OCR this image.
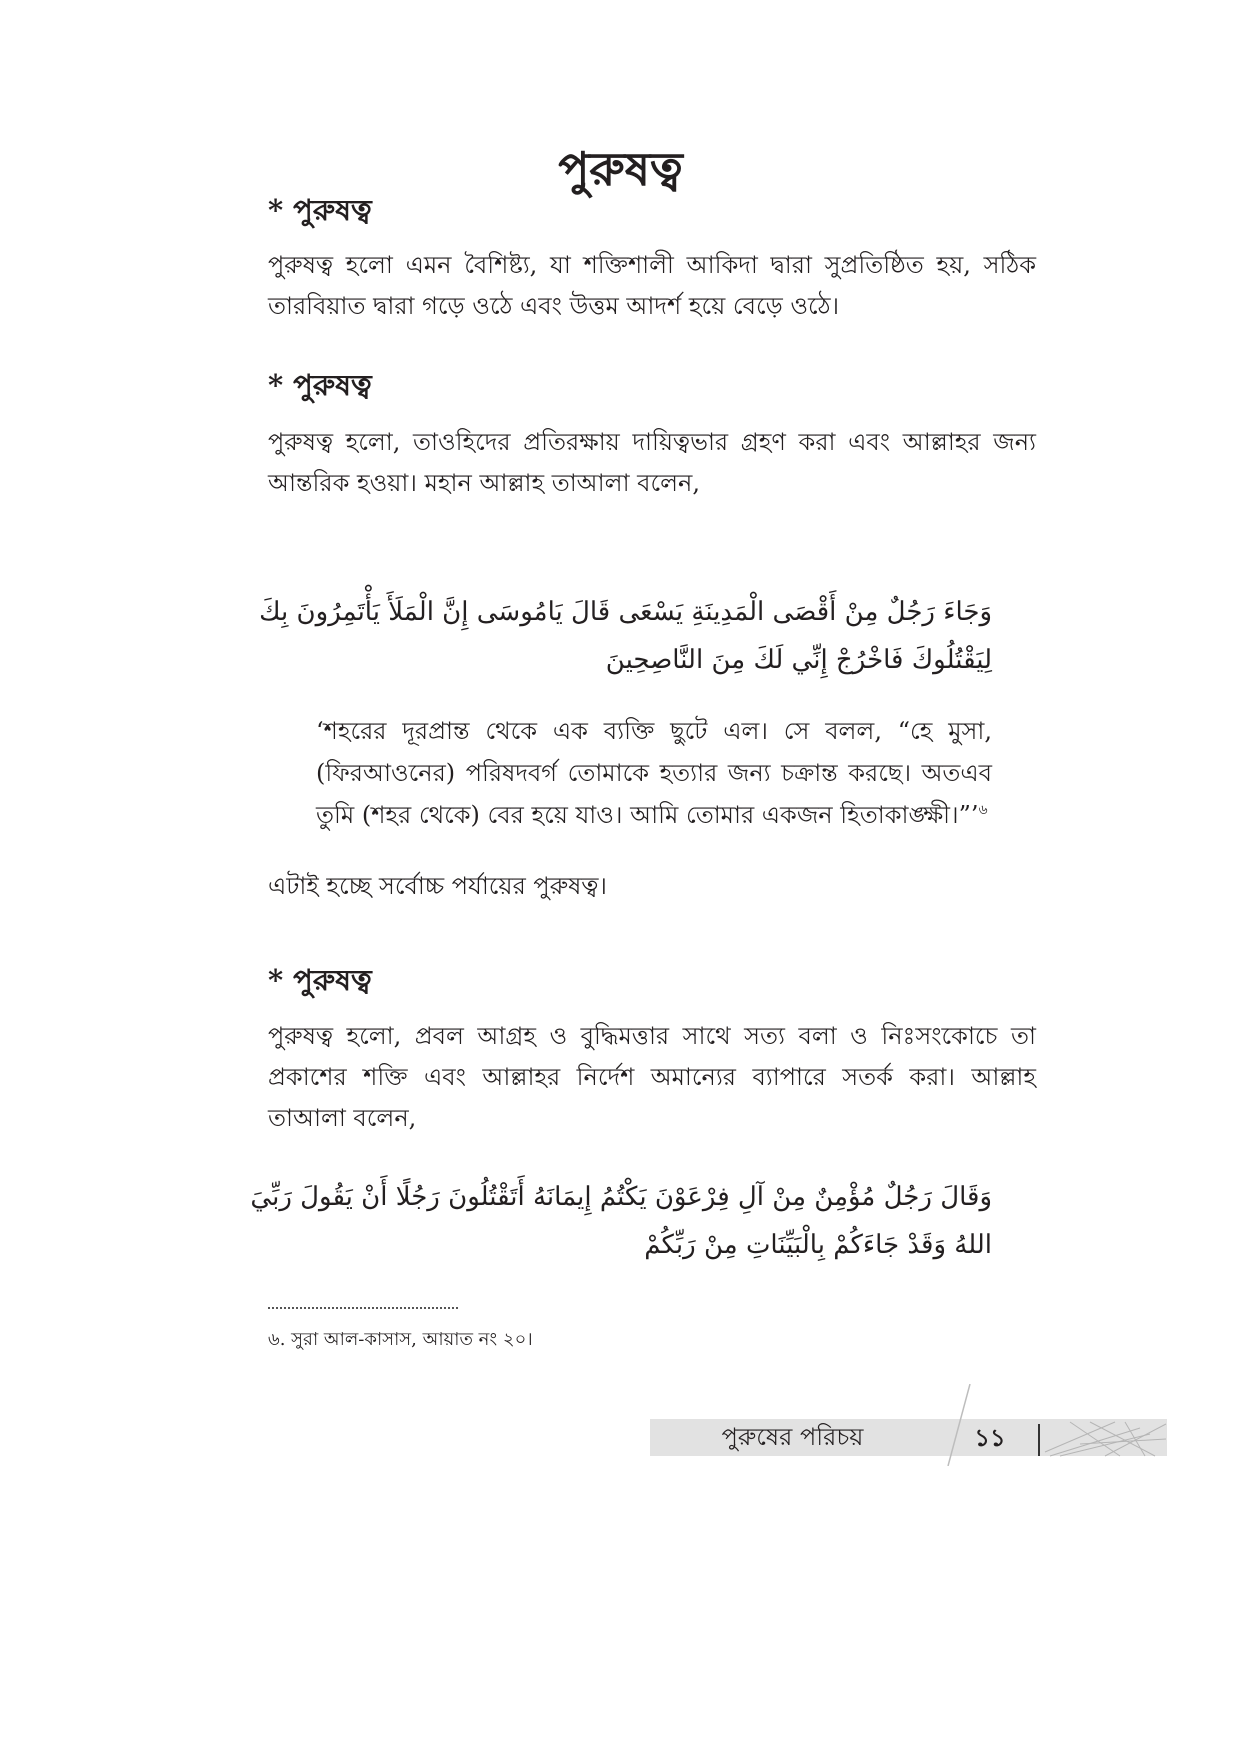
পুরুষত্ব
* পুরুষত্ব

পুরুষত্ব হলো এমন বৈশিষ্ট্য, যা শক্তিশালী আকিদা দ্বারা সুপ্রতিষ্ঠিত হয়, সঠিক তারবিয়াত দ্বারা গড়ে ওঠে এবং উত্তম আদর্শ হয়ে বেড়ে ওঠে।

* পুরুষত্ব

পুরুষত্ব হলো, তাওহিদের প্রতিরক্ষায় দায়িত্বভার গ্রহণ করা এবং আল্লাহর জন্য আন্তরিক হওয়া। মহান আল্লাহ তাআলা বলেন,

وَجَاءَ رَجُلٌ مِنْ أَقْصَى الْمَدِينَةِ يَسْعَى قَالَ يَامُوسَى إِنَّ الْمَلَأَ يَأْتَمِرُونَ بِكَ
لِيَقْتُلُوكَ فَاخْرُجْ إِنِّي لَكَ مِنَ النَّاصِحِينَ

‘শহরের দূরপ্রান্ত থেকে এক ব্যক্তি ছুটে এল। সে বলল, “হে মুসা, (ফিরআওনের) পরিষদবর্গ তোমাকে হত্যার জন্য চক্রান্ত করছে। অতএব তুমি (শহর থেকে) বের হয়ে যাও। আমি তোমার একজন হিতাকাঙ্ক্ষী।”’$^৬$

এটাই হচ্ছে সর্বোচ্চ পর্যায়ের পুরুষত্ব।

* পুরুষত্ব

পুরুষত্ব হলো, প্রবল আগ্রহ ও বুদ্ধিমত্তার সাথে সত্য বলা ও নিঃসংকোচে তা প্রকাশের শক্তি এবং আল্লাহর নির্দেশ অমান্যের ব্যাপারে সতর্ক করা। আল্লাহ তাআলা বলেন,

وَقَالَ رَجُلٌ مُؤْمِنٌ مِنْ آلِ فِرْعَوْنَ يَكْتُمُ إِيمَانَهُ أَتَقْتُلُونَ رَجُلًا أَنْ يَقُولَ رَبِّيَ
اللهُ وَقَدْ جَاءَكُمْ بِالْبَيِّنَاتِ مِنْ رَبِّكُمْ
৬. সুরা আল-কাসাস, আয়াত নং ২০।
পুরুষের পরিচয়	১১
